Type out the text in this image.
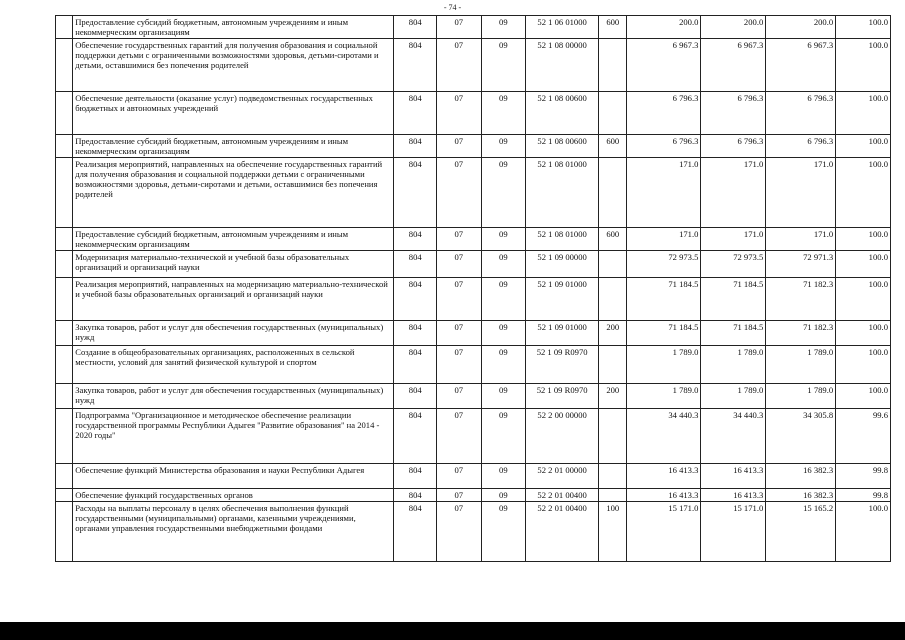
- 74 -
	Предоставление субсидий бюджетным, автономным учреждениям и иным некоммерческим организациям	804	07	09	52 1 06 01000	600	200.0	200.0	200.0	100.0
	Обеспечение государственных гарантий для получения образования и социальной поддержки детьми с ограниченными возможностями здоровья, детьми-сиротами и детьми, оставшимися без попечения родителей	804	07	09	52 1 08 00000		6 967.3	6 967.3	6 967.3	100.0
	Обеспечение деятельности (оказание услуг) подведомственных государственных бюджетных и автономных учреждений	804	07	09	52 1 08 00600		6 796.3	6 796.3	6 796.3	100.0
	Предоставление субсидий бюджетным, автономным учреждениям и иным некоммерческим организациям	804	07	09	52 1 08 00600	600	6 796.3	6 796.3	6 796.3	100.0
	Реализация мероприятий, направленных на обеспечение государственных гарантий для получения образования и социальной поддержки детьми с ограниченными возможностями здоровья, детьми-сиротами и детьми, оставшимися без попечения родителей	804	07	09	52 1 08 01000		171.0	171.0	171.0	100.0
	Предоставление субсидий бюджетным, автономным учреждениям и иным некоммерческим организациям	804	07	09	52 1 08 01000	600	171.0	171.0	171.0	100.0
	Модернизация материально-технической и учебной базы образовательных организаций и организаций науки	804	07	09	52 1 09 00000		72 973.5	72 973.5	72 971.3	100.0
	Реализация мероприятий, направленных на модернизацию материально-технической и учебной базы образовательных организаций и организаций науки	804	07	09	52 1 09 01000		71 184.5	71 184.5	71 182.3	100.0
	Закупка товаров, работ и услуг для обеспечения государственных (муниципальных) нужд	804	07	09	52 1 09 01000	200	71 184.5	71 184.5	71 182.3	100.0
	Создание в общеобразовательных организациях, расположенных в сельской местности, условий для занятий физической культурой и спортом	804	07	09	52 1 09 R0970		1 789.0	1 789.0	1 789.0	100.0
	Закупка товаров, работ и услуг для обеспечения государственных (муниципальных) нужд	804	07	09	52 1 09 R0970	200	1 789.0	1 789.0	1 789.0	100.0
	Подпрограмма "Организационное и методическое обеспечение реализации государственной программы Республики Адыгея "Развитие образования" на 2014 - 2020 годы"	804	07	09	52 2 00 00000		34 440.3	34 440.3	34 305.8	99.6
	Обеспечение функций Министерства образования и науки Республики Адыгея	804	07	09	52 2 01 00000		16 413.3	16 413.3	16 382.3	99.8
	Обеспечение функций государственных органов	804	07	09	52 2 01 00400		16 413.3	16 413.3	16 382.3	99.8
	Расходы на выплаты персоналу в целях обеспечения выполнения функций государственными (муниципальными) органами, казенными учреждениями, органами управления государственными внебюджетными фондами	804	07	09	52 2 01 00400	100	15 171.0	15 171.0	15 165.2	100.0
